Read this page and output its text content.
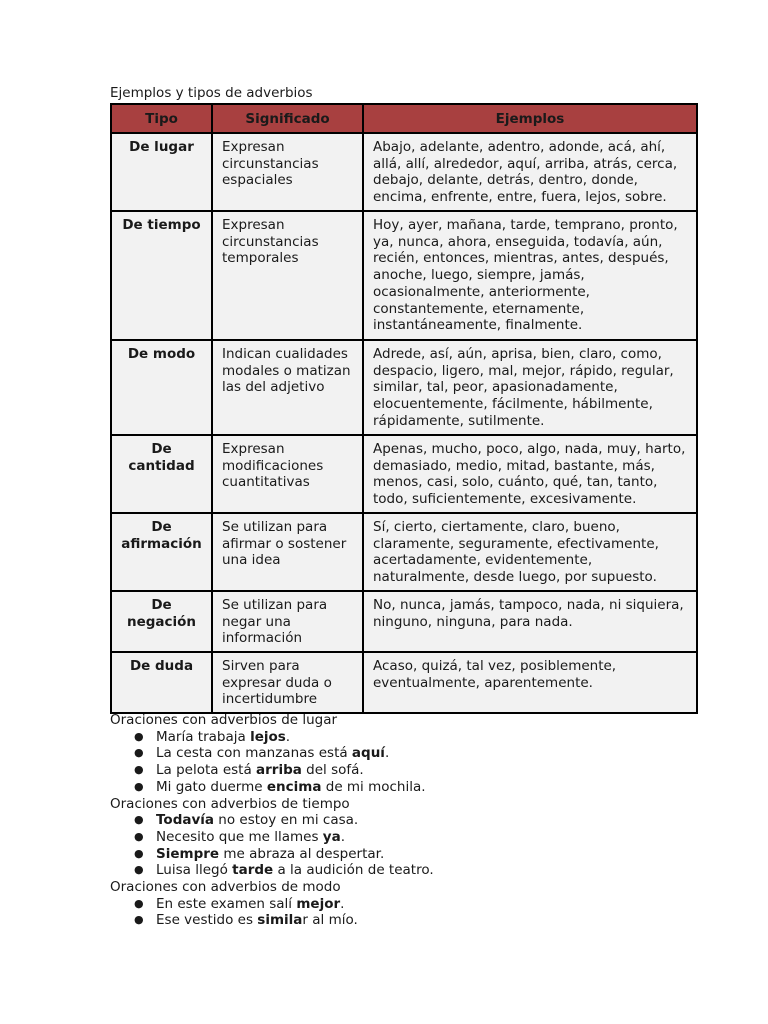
Ejemplos y tipos de adverbios
Tipo	Significado	Ejemplos
De lugar	Expresan circunstancias espaciales	Abajo, adelante, adentro, adonde, acá, ahí, allá, allí, alrededor, aquí, arriba, atrás, cerca, debajo, delante, detrás, dentro, donde, encima, enfrente, entre, fuera, lejos, sobre.
De tiempo	Expresan circunstancias temporales	Hoy, ayer, mañana, tarde, temprano, pronto, ya, nunca, ahora, enseguida, todavía, aún, recién, entonces, mientras, antes, después, anoche, luego, siempre, jamás, ocasionalmente, anteriormente, constantemente, eternamente, instantáneamente, finalmente.
De modo	Indican cualidades modales o matizan las del adjetivo	Adrede, así, aún, aprisa, bien, claro, como, despacio, ligero, mal, mejor, rápido, regular, similar, tal, peor, apasionadamente, elocuentemente, fácilmente, hábilmente, rápidamente, sutilmente.
De cantidad	Expresan modificaciones cuantitativas	Apenas, mucho, poco, algo, nada, muy, harto, demasiado, medio, mitad, bastante, más, menos, casi, solo, cuánto, qué, tan, tanto, todo, suficientemente, excesivamente.
De afirmación	Se utilizan para afirmar o sostener una idea	Sí, cierto, ciertamente, claro, bueno, claramente, seguramente, efectivamente, acertadamente, evidentemente, naturalmente, desde luego, por supuesto.
De negación	Se utilizan para negar una información	No, nunca, jamás, tampoco, nada, ni siquiera, ninguno, ninguna, para nada.
De duda	Sirven para expresar duda o incertidumbre	Acaso, quizá, tal vez, posiblemente, eventualmente, aparentemente.

Oraciones con adverbios de lugar

● María trabaja lejos.
● La cesta con manzanas está aquí.
● La pelota está arriba del sofá.
● Mi gato duerme encima de mi mochila.

Oraciones con adverbios de tiempo

● Todavía no estoy en mi casa.
● Necesito que me llames ya.
● Siempre me abraza al despertar.
● Luisa llegó tarde a la audición de teatro.

Oraciones con adverbios de modo

● En este examen salí mejor.
● Ese vestido es similar al mío.
